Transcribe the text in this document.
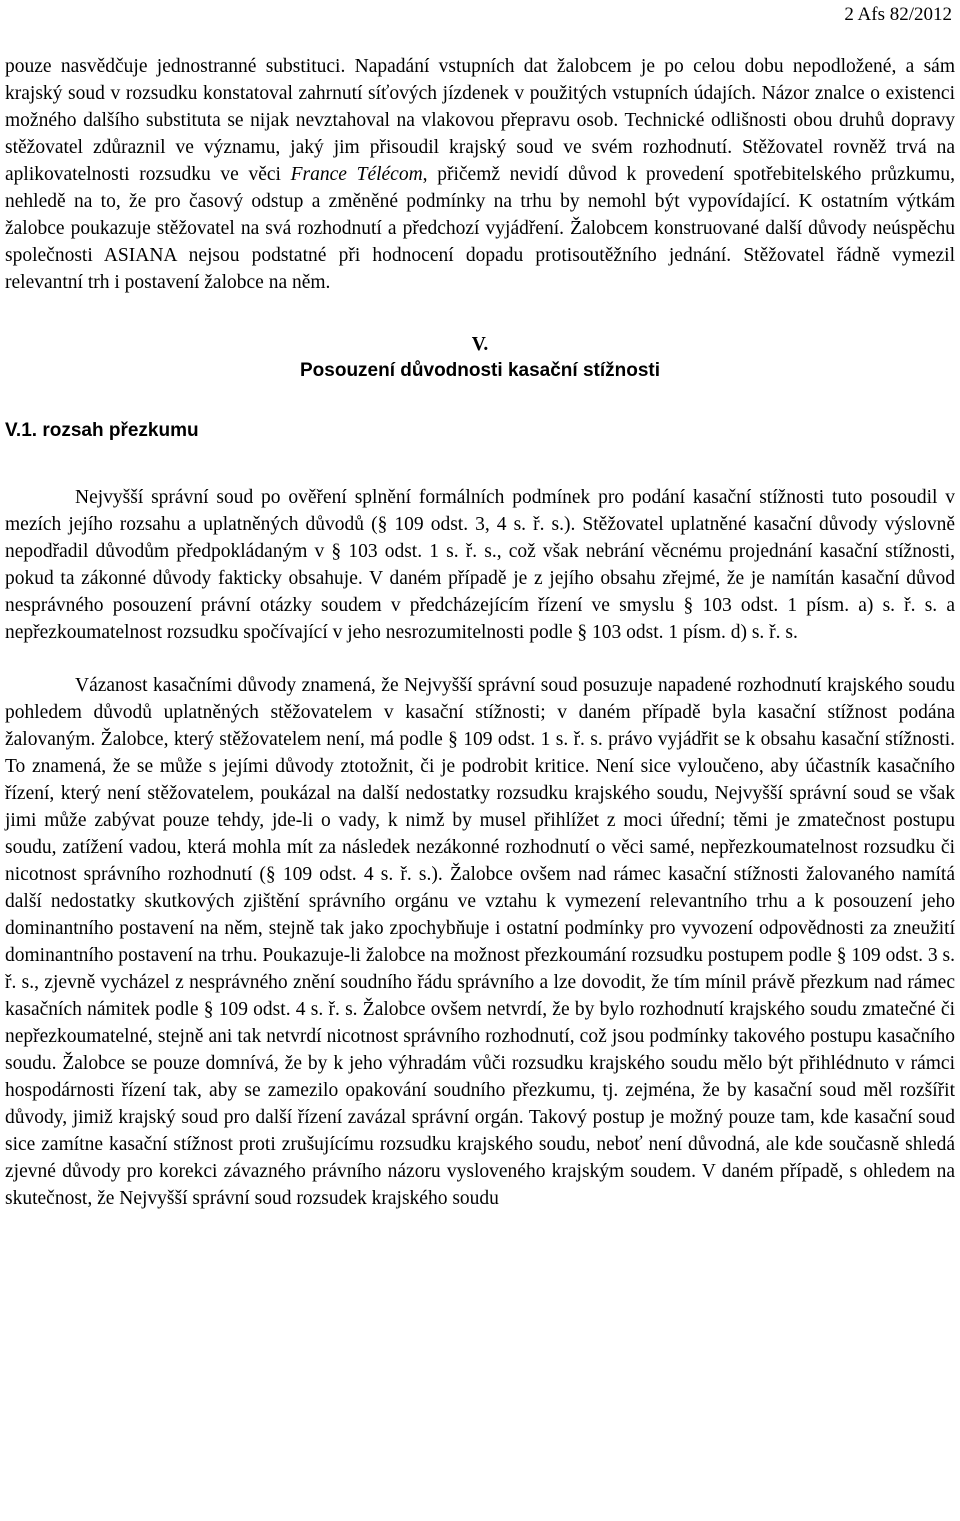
2 Afs 82/2012

pouze nasvědčuje jednostranné substituci. Napadání vstupních dat žalobcem je po celou dobu nepodložené, a sám krajský soud v rozsudku konstatoval zahrnutí síťových jízdenek v použitých vstupních údajích. Názor znalce o existenci možného dalšího substituta se nijak nevztahoval na vlakovou přepravu osob. Technické odlišnosti obou druhů dopravy stěžovatel zdůraznil ve významu, jaký jim přisoudil krajský soud ve svém rozhodnutí. Stěžovatel rovněž trvá na aplikovatelnosti rozsudku ve věci France Télécom, přičemž nevidí důvod k provedení spotřebitelského průzkumu, nehledě na to, že pro časový odstup a změněné podmínky na trhu by nemohl být vypovídající. K ostatním výtkám žalobce poukazuje stěžovatel na svá rozhodnutí a předchozí vyjádření. Žalobcem konstruované další důvody neúspěchu společnosti ASIANA nejsou podstatné při hodnocení dopadu protisoutěžního jednání. Stěžovatel řádně vymezil relevantní trh i postavení žalobce na něm.

V.
Posouzení důvodnosti kasační stížnosti
V.1. rozsah přezkumu

Nejvyšší správní soud po ověření splnění formálních podmínek pro podání kasační stížnosti tuto posoudil v mezích jejího rozsahu a uplatněných důvodů (§ 109 odst. 3, 4 s. ř. s.). Stěžovatel uplatněné kasační důvody výslovně nepodřadil důvodům předpokládaným v § 103 odst. 1 s. ř. s., což však nebrání věcnému projednání kasační stížnosti, pokud ta zákonné důvody fakticky obsahuje. V daném případě je z jejího obsahu zřejmé, že je namítán kasační důvod nesprávného posouzení právní otázky soudem v předcházejícím řízení ve smyslu § 103 odst. 1 písm. a) s. ř. s. a nepřezkoumatelnost rozsudku spočívající v jeho nesrozumitelnosti podle § 103 odst. 1 písm. d) s. ř. s.

Vázanost kasačními důvody znamená, že Nejvyšší správní soud posuzuje napadené rozhodnutí krajského soudu pohledem důvodů uplatněných stěžovatelem v kasační stížnosti; v daném případě byla kasační stížnost podána žalovaným. Žalobce, který stěžovatelem není, má podle § 109 odst. 1 s. ř. s. právo vyjádřit se k obsahu kasační stížnosti. To znamená, že se může s jejími důvody ztotožnit, či je podrobit kritice. Není sice vyloučeno, aby účastník kasačního řízení, který není stěžovatelem, poukázal na další nedostatky rozsudku krajského soudu, Nejvyšší správní soud se však jimi může zabývat pouze tehdy, jde-li o vady, k nimž by musel přihlížet z moci úřední; těmi je zmatečnost postupu soudu, zatížení vadou, která mohla mít za následek nezákonné rozhodnutí o věci samé, nepřezkoumatelnost rozsudku či nicotnost správního rozhodnutí (§ 109 odst. 4 s. ř. s.). Žalobce ovšem nad rámec kasační stížnosti žalovaného namítá další nedostatky skutkových zjištění správního orgánu ve vztahu k vymezení relevantního trhu a k posouzení jeho dominantního postavení na něm, stejně tak jako zpochybňuje i ostatní podmínky pro vyvození odpovědnosti za zneužití dominantního postavení na trhu. Poukazuje-li žalobce na možnost přezkoumání rozsudku postupem podle § 109 odst. 3 s. ř. s., zjevně vycházel z nesprávného znění soudního řádu správního a lze dovodit, že tím mínil právě přezkum nad rámec kasačních námitek podle § 109 odst. 4 s. ř. s. Žalobce ovšem netvrdí, že by bylo rozhodnutí krajského soudu zmatečné či nepřezkoumatelné, stejně ani tak netvrdí nicotnost správního rozhodnutí, což jsou podmínky takového postupu kasačního soudu. Žalobce se pouze domnívá, že by k jeho výhradám vůči rozsudku krajského soudu mělo být přihlédnuto v rámci hospodárnosti řízení tak, aby se zamezilo opakování soudního přezkumu, tj. zejména, že by kasační soud měl rozšířit důvody, jimiž krajský soud pro další řízení zavázal správní orgán. Takový postup je možný pouze tam, kde kasační soud sice zamítne kasační stížnost proti zrušujícímu rozsudku krajského soudu, neboť není důvodná, ale kde současně shledá zjevné důvody pro korekci závazného právního názoru vysloveného krajským soudem. V daném případě, s ohledem na skutečnost, že Nejvyšší správní soud rozsudek krajského soudu
